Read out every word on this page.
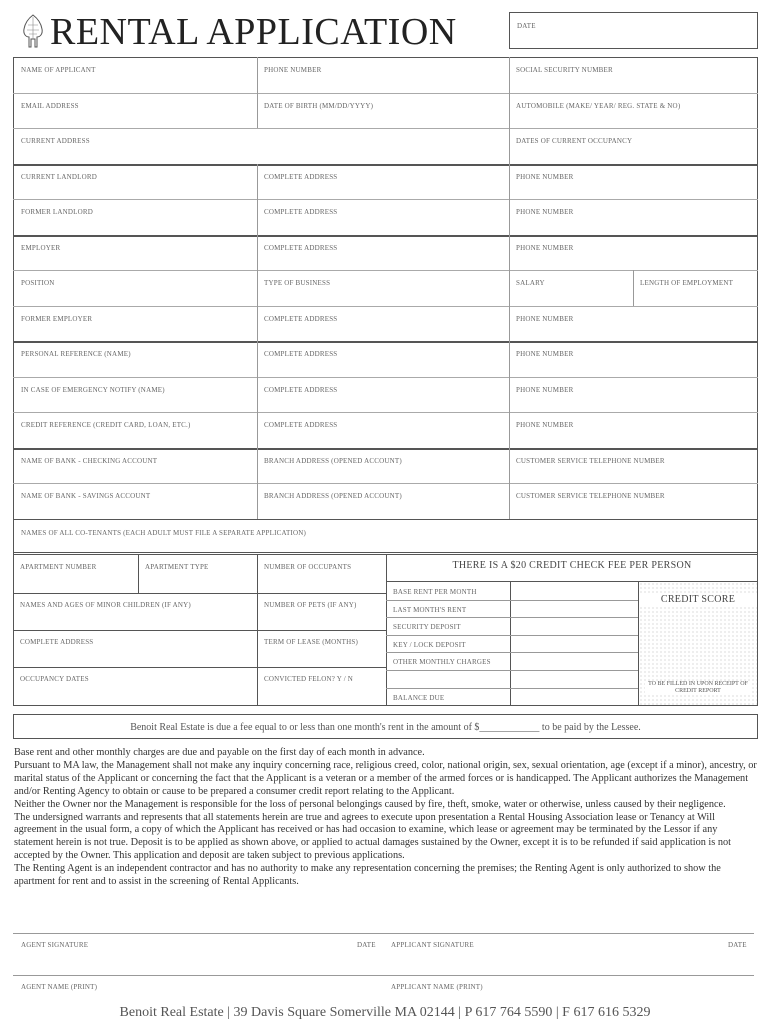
RENTAL APPLICATION	DATE
NAME OF APPLICANT	PHONE NUMBER	SOCIAL SECURITY NUMBER
EMAIL ADDRESS	DATE OF BIRTH (MM/DD/YYYY)	AUTOMOBILE (MAKE/ YEAR/ REG. STATE & NO)
CURRENT ADDRESS	DATES OF CURRENT OCCUPANCY
CURRENT LANDLORD	COMPLETE ADDRESS	PHONE NUMBER
FORMER LANDLORD	COMPLETE ADDRESS	PHONE NUMBER
EMPLOYER	COMPLETE ADDRESS	PHONE NUMBER
POSITION	TYPE OF BUSINESS	SALARY	LENGTH OF EMPLOYMENT
FORMER EMPLOYER	COMPLETE ADDRESS	PHONE NUMBER
PERSONAL REFERENCE (NAME)	COMPLETE ADDRESS	PHONE NUMBER
IN CASE OF EMERGENCY NOTIFY (NAME)	COMPLETE ADDRESS	PHONE NUMBER
CREDIT REFERENCE (CREDIT CARD, LOAN, ETC.)	COMPLETE ADDRESS	PHONE NUMBER
NAME OF BANK - CHECKING ACCOUNT	BRANCH ADDRESS (OPENED ACCOUNT)	CUSTOMER SERVICE TELEPHONE NUMBER
NAME OF BANK - SAVINGS ACCOUNT	BRANCH ADDRESS (OPENED ACCOUNT)	CUSTOMER SERVICE TELEPHONE NUMBER
NAMES OF ALL CO-TENANTS (EACH ADULT MUST FILE A SEPARATE APPLICATION)
APARTMENT NUMBER	APARTMENT TYPE	NUMBER OF OCCUPANTS
NAMES AND AGES OF MINOR CHILDREN (IF ANY)	NUMBER OF PETS (IF ANY)
COMPLETE ADDRESS	TERM OF LEASE (MONTHS)
OCCUPANCY DATES	CONVICTED FELON? Y / N
THERE IS A $20 CREDIT CHECK FEE PER PERSON
BASE RENT PER MONTH
LAST MONTH'S RENT
SECURITY DEPOSIT
KEY / LOCK DEPOSIT
OTHER MONTHLY CHARGES
BALANCE DUE
CREDIT SCORE
TO BE FILLED IN UPON RECEIPT OF CREDIT REPORT
Benoit Real Estate is due a fee equal to or less than one month's rent in the amount of $____________ to be paid by the Lessee.

Base rent and other monthly charges are due and payable on the first day of each month in advance.

Pursuant to MA law, the Management shall not make any inquiry concerning race, religious creed, color, national origin, sex, sexual orientation, age (except if a minor), ancestry, or marital status of the Applicant or concerning the fact that the Applicant is a veteran or a member of the armed forces or is handicapped. The Applicant authorizes the Management and/or Renting Agency to obtain or cause to be prepared a consumer credit report relating to the Applicant.

Neither the Owner nor the Management is responsible for the loss of personal belongings caused by fire, theft, smoke, water or otherwise, unless caused by their negligence.

The undersigned warrants and represents that all statements herein are true and agrees to execute upon presentation a Rental Housing Association lease or Tenancy at Will agreement in the usual form, a copy of which the Applicant has received or has had occasion to examine, which lease or agreement may be terminated by the Lessor if any statement herein is not true. Deposit is to be applied as shown above, or applied to actual damages sustained by the Owner, except it is to be refunded if said application is not accepted by the Owner. This application and deposit are taken subject to previous applications.

The Renting Agent is an independent contractor and has no authority to make any representation concerning the premises; the Renting Agent is only authorized to show the apartment for rent and to assist in the screening of Rental Applicants.

AGENT SIGNATURE	DATE APPLICANT SIGNATURE	DATE
AGENT NAME (PRINT)	APPLICANT NAME (PRINT)
Benoit Real Estate | 39 Davis Square Somerville MA 02144 | P 617 764 5590 | F 617 616 5329
